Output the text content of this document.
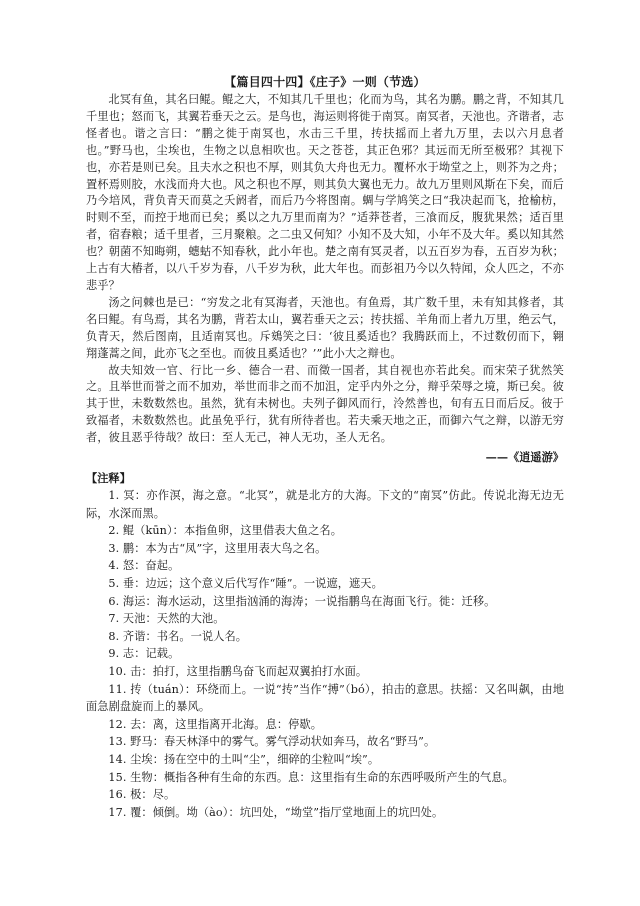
【篇目四十四】《庄子》一则（节选）

北冥有鱼，其名曰鲲。鲲之大，不知其几千里也；化而为鸟，其名为鹏。鹏之背，不知其几千里也；怒而飞，其翼若垂天之云。是鸟也，海运则将徙于南冥。南冥者，天池也。齐谐者，志怪者也。谐之言曰：“鹏之徙于南冥也，水击三千里，抟扶摇而上者九万里，去以六月息者也。”野马也，尘埃也，生物之以息相吹也。天之苍苍，其正色邪？其远而无所至极邪？其视下也，亦若是则已矣。且夫水之积也不厚，则其负大舟也无力。覆杯水于坳堂之上，则芥为之舟；置杯焉则胶，水浅而舟大也。风之积也不厚，则其负大翼也无力。故九万里则风斯在下矣，而后乃今培风，背负青天而莫之夭阏者，而后乃今将图南。蜩与学鸠笑之曰“我决起而飞，抢榆枋，时则不至，而控于地而已矣；奚以之九万里而南为？”适莽苍者，三飡而反，腹犹果然；适百里者，宿舂粮；适千里者，三月聚粮。之二虫又何知？小知不及大知，小年不及大年。奚以知其然也？朝菌不知晦朔，蟪蛄不知春秋，此小年也。楚之南有冥灵者，以五百岁为春，五百岁为秋；上古有大椿者，以八千岁为春，八千岁为秋，此大年也。而彭祖乃今以久特闻，众人匹之，不亦悲乎？

汤之问棘也是已：“穷发之北有冥海者，天池也。有鱼焉，其广数千里，未有知其修者，其名曰鲲。有鸟焉，其名为鹏，背若太山，翼若垂天之云；抟扶摇、羊角而上者九万里，绝云气，负青天，然后图南，且适南冥也。斥鴳笑之曰：‘彼且奚适也？我腾跃而上，不过数仞而下，翱翔蓬蒿之间，此亦飞之至也。而彼且奚适也？’”此小大之辩也。

故夫知效一官、行比一乡、德合一君、而徵一国者，其自视也亦若此矣。而宋荣子犹然笑之。且举世而誉之而不加劝，举世而非之而不加沮，定乎内外之分，辩乎荣辱之境，斯已矣。彼其于世，未数数然也。虽然，犹有未树也。夫列子御风而行，泠然善也，旬有五日而后反。彼于致福者，未数数然也。此虽免乎行，犹有所待者也。若夫乘天地之正，而御六气之辩，以游无穷者，彼且恶乎待哉？故曰：至人无己，神人无功，圣人无名。

——《逍遥游》
【注释】

1. 冥：亦作溟，海之意。“北冥”，就是北方的大海。下文的“南冥”仿此。传说北海无边无际，水深而黑。

2. 鲲（kūn）：本指鱼卵，这里借表大鱼之名。

3. 鹏：本为古“凤”字，这里用表大鸟之名。

4. 怒：奋起。

5. 垂：边远；这个意义后代写作“陲”。一说遮，遮天。

6. 海运：海水运动，这里指汹涌的海涛；一说指鹏鸟在海面飞行。徙：迁移。

7. 天池：天然的大池。

8. 齐谐：书名。一说人名。

9. 志：记载。

10. 击：拍打，这里指鹏鸟奋飞而起双翼拍打水面。

11. 抟（tuán）：环绕而上。一说“抟”当作“搏”（bó），拍击的意思。扶摇：又名叫飙，由地面急剧盘旋而上的暴风。

12. 去：离，这里指离开北海。息：停歇。

13. 野马：春天林泽中的雾气。雾气浮动状如奔马，故名“野马”。

14. 尘埃：扬在空中的土叫“尘”，细碎的尘粒叫“埃”。

15. 生物：概指各种有生命的东西。息：这里指有生命的东西呼吸所产生的气息。

16. 极：尽。

17. 覆：倾倒。坳（ào）：坑凹处，“坳堂”指厅堂地面上的坑凹处。
